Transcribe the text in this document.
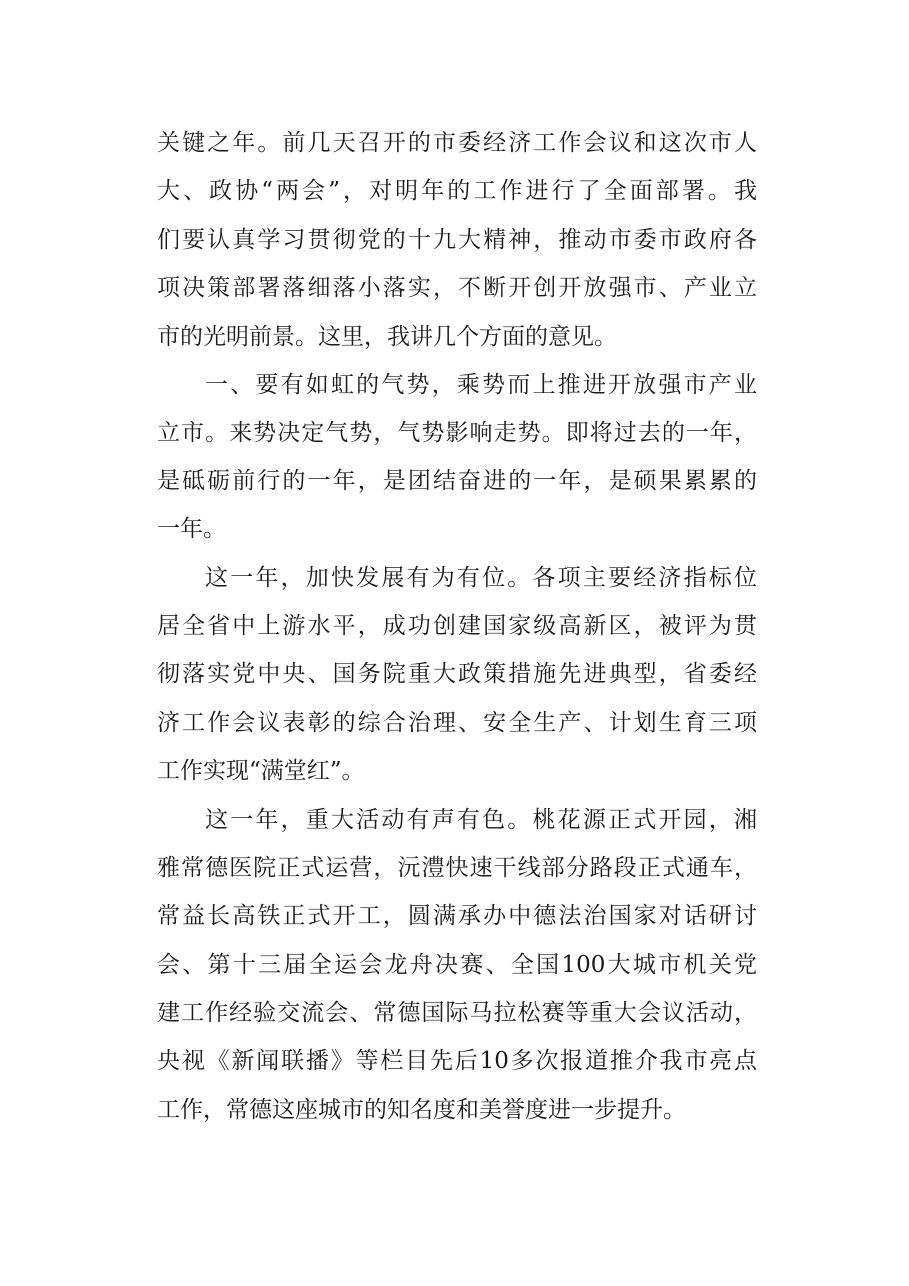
关键之年。前几天召开的市委经济工作会议和这次市人
大、政协“两会”，对明年的工作进行了全面部署。我
们要认真学习贯彻党的十九大精神，推动市委市政府各
项决策部署落细落小落实，不断开创开放强市、产业立
市的光明前景。这里，我讲几个方面的意见。
一、要有如虹的气势，乘势而上推进开放强市产业
立市。来势决定气势，气势影响走势。即将过去的一年，
是砥砺前行的一年，是团结奋进的一年，是硕果累累的
一年。
这一年，加快发展有为有位。各项主要经济指标位
居全省中上游水平，成功创建国家级高新区，被评为贯
彻落实党中央、国务院重大政策措施先进典型，省委经
济工作会议表彰的综合治理、安全生产、计划生育三项
工作实现“满堂红”。
这一年，重大活动有声有色。桃花源正式开园，湘
雅常德医院正式运营，沅澧快速干线部分路段正式通车，
常益长高铁正式开工，圆满承办中德法治国家对话研讨
会、第十三届全运会龙舟决赛、全国100大城市机关党
建工作经验交流会、常德国际马拉松赛等重大会议活动，
央视《新闻联播》等栏目先后10多次报道推介我市亮点
工作，常德这座城市的知名度和美誉度进一步提升。
